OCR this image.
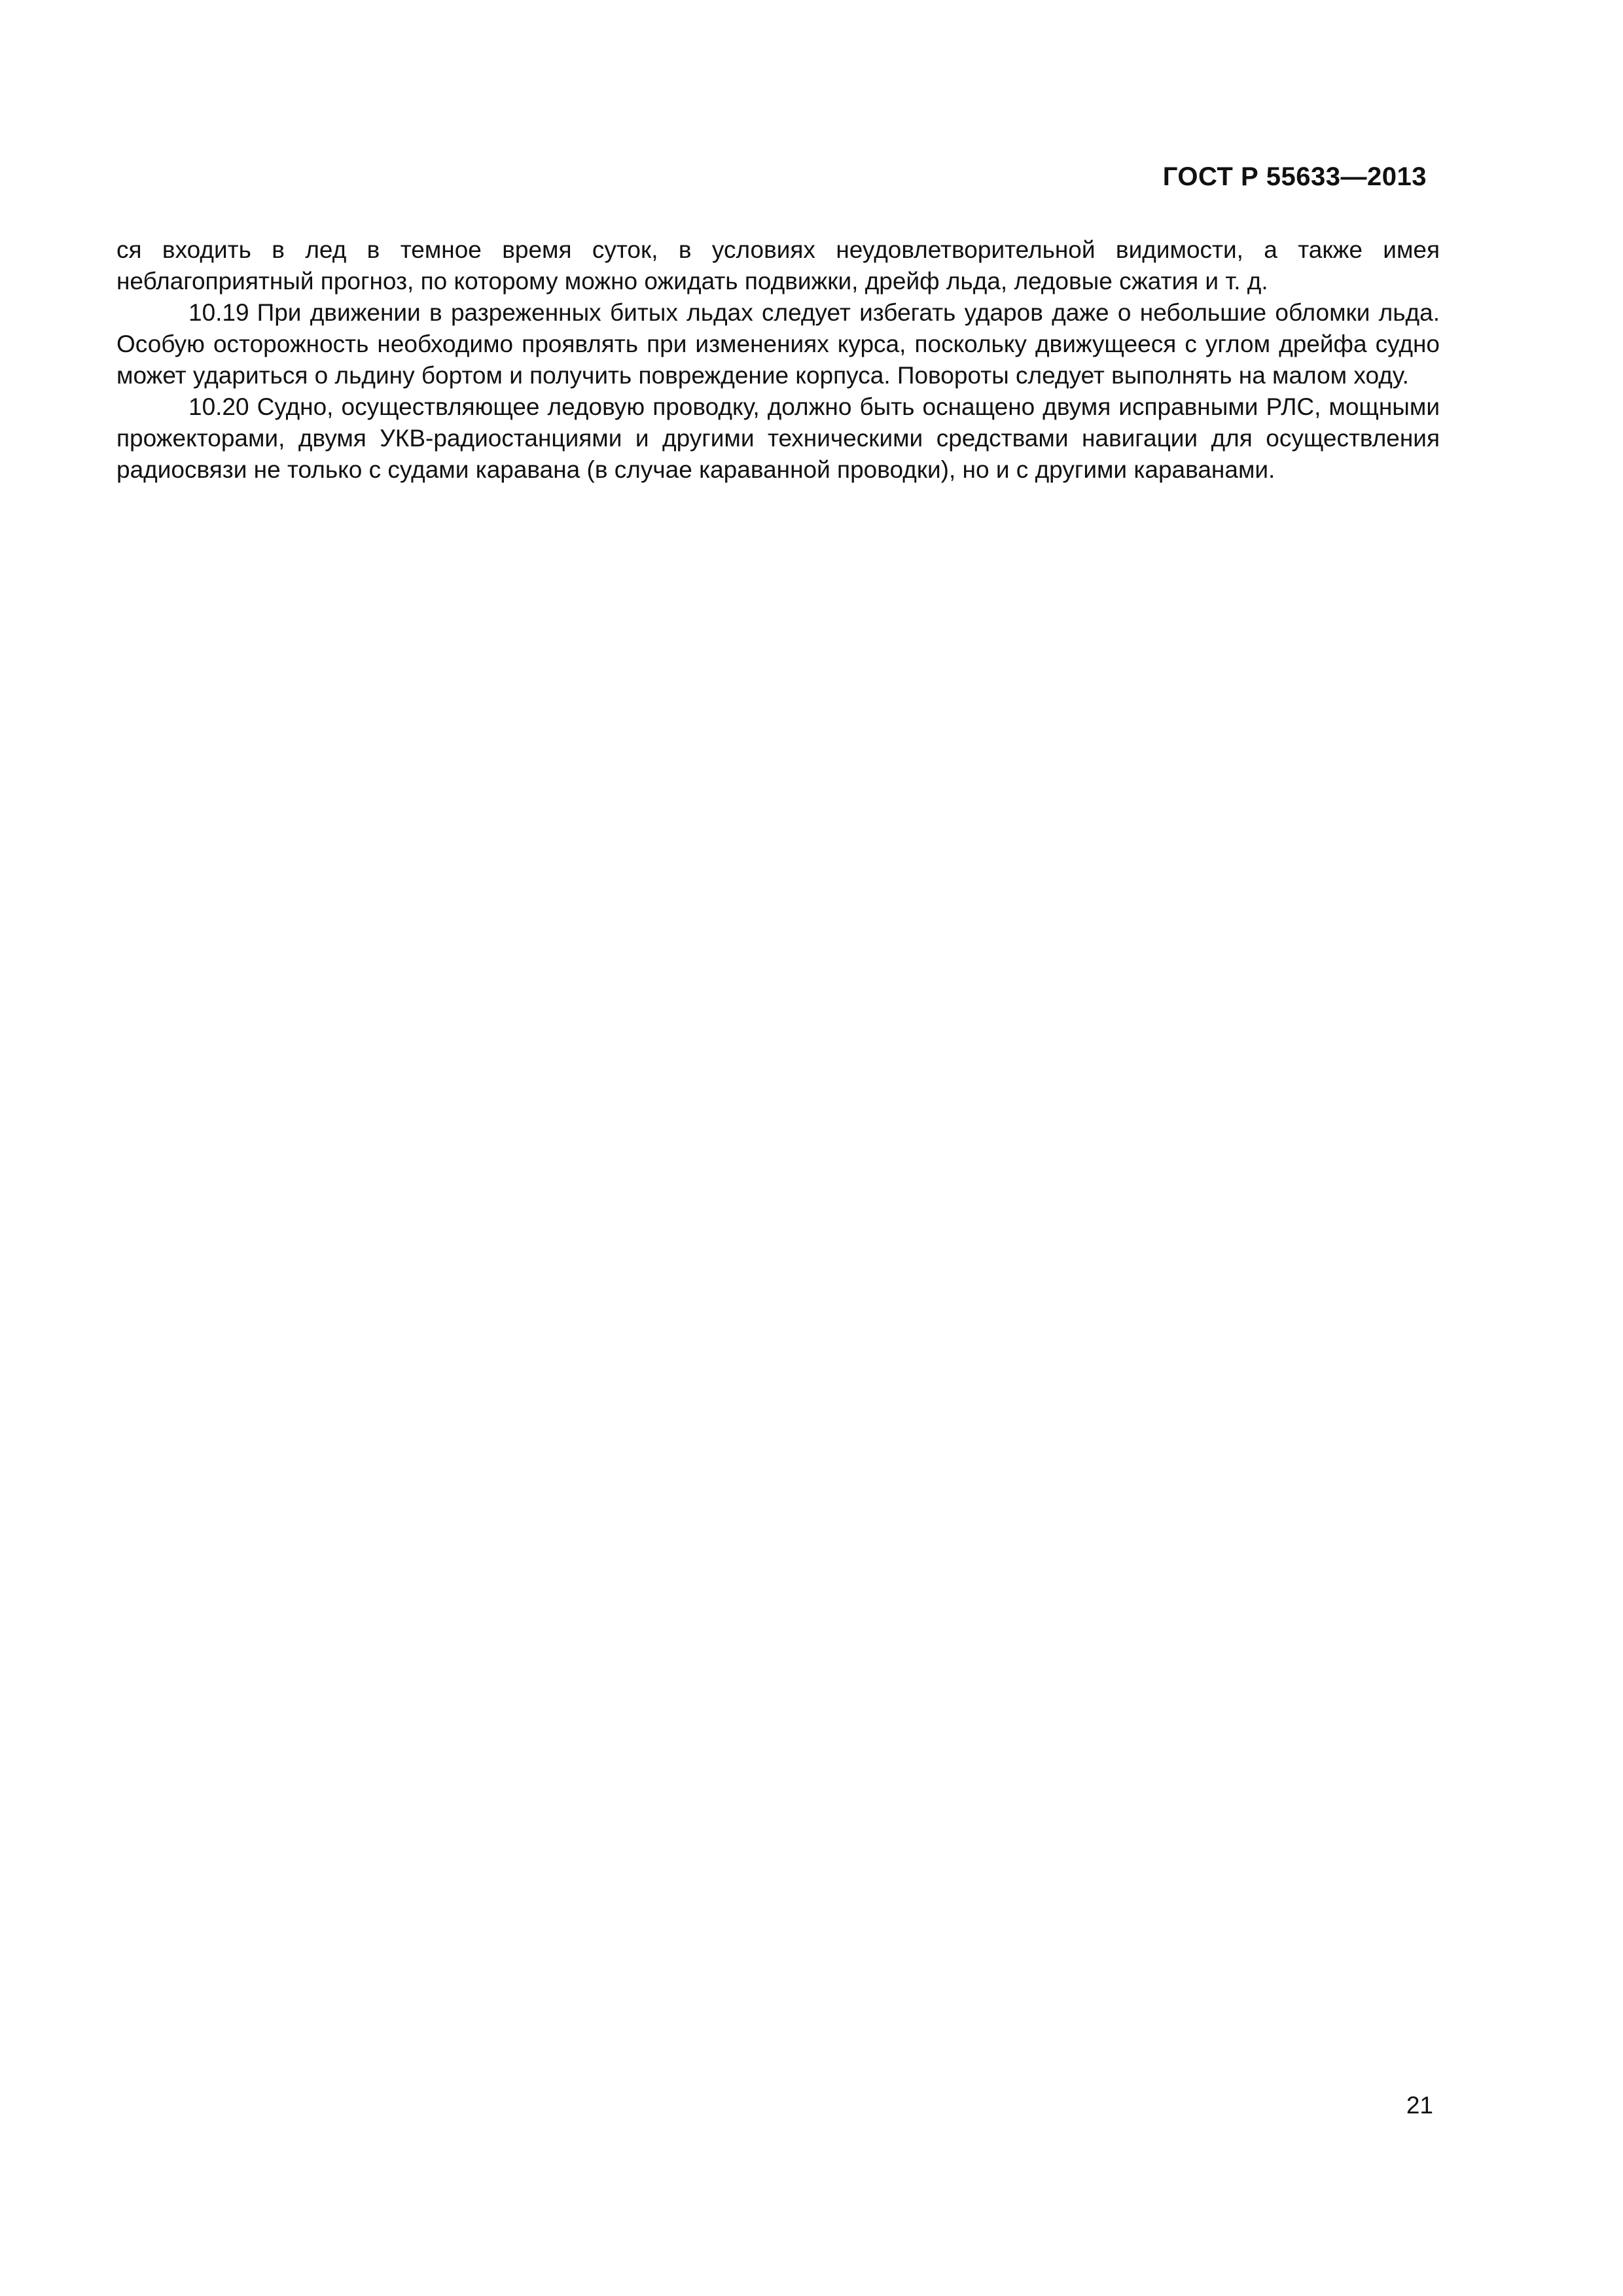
ГОСТ Р 55633—2013

ся входить в лед в темное время суток, в условиях неудовлетворительной видимости, а также имея неблагоприятный прогноз, по которому можно ожидать подвижки, дрейф льда, ледовые сжатия и т. д.

10.19 При движении в разреженных битых льдах следует избегать ударов даже о небольшие обломки льда. Особую осторожность необходимо проявлять при изменениях курса, поскольку движущееся с углом дрейфа судно может удариться о льдину бортом и получить повреждение корпуса. Повороты следует выполнять на малом ходу.

10.20 Судно, осуществляющее ледовую проводку, должно быть оснащено двумя исправными РЛС, мощными прожекторами, двумя УКВ-радиостанциями и другими техническими средствами навигации для осуществления радиосвязи не только с судами каравана (в случае караванной проводки), но и с другими караванами.

21
